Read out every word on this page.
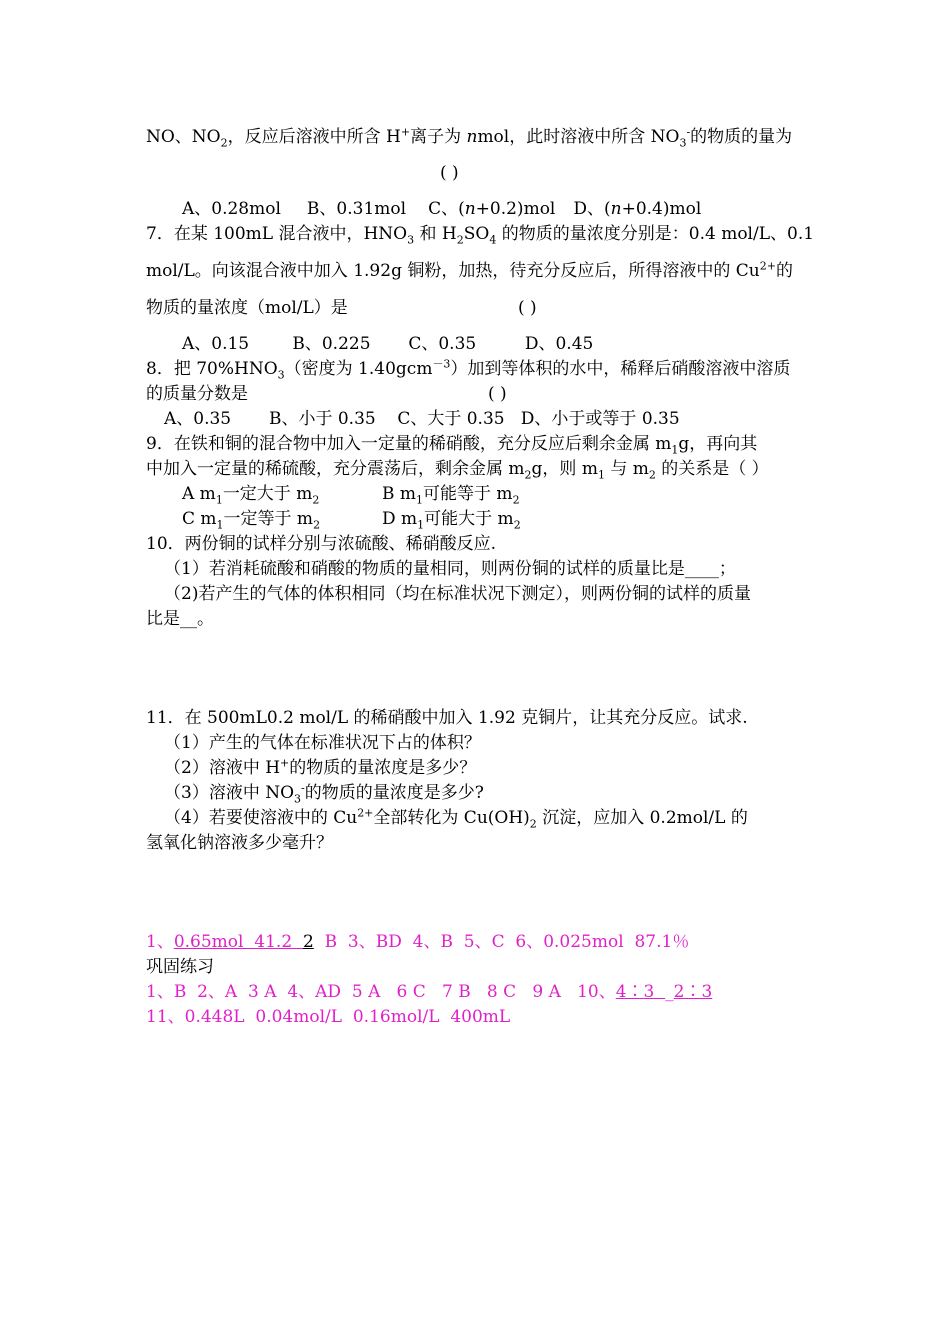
NO、$NO_2$，反应后溶液中所含 H+离子为 nmol，此时溶液中所含 $NO_3^-$的物质的量为
( )
A、0.28mol B、0.31mol C、(n+0.2)mol D、(n+0.4)mol
7．在某 100mL 混合液中，$HNO_3$ 和 $H_2SO_4$ 的物质的量浓度分别是：0.4 mol/L、0.1
mol/L。向该混合液中加入 1.92g 铜粉，加热，待充分反应后，所得溶液中的 $Cu^{2+}$的
物质的量浓度（mol/L）是	( )
A、0.15        B、0.225       C、0.35         D、0.45
8．把 $70\%HNO_3$（密度为 1.40gcm$^{-3}$）加到等体积的水中，稀释后硝酸溶液中溶质
的质量分数是	( )
A、0.35       B、小于 0.35    C、大于 0.35   D、小于或等于 0.35
9．在铁和铜的混合物中加入一定量的稀硝酸，充分反应后剩余金属 $m_1g$，再向其
中加入一定量的稀硫酸，充分震荡后，剩余金属 $m_2g$，则 $m_1$ 与 $m_2$ 的关系是（ ）
A $m_1$一定大于 $m_2$	B $m_1$可能等于 $m_2$
C $m_1$一定等于 $m_2$	D $m_1$可能大于 $m_2$
10．两份铜的试样分别与浓硫酸、稀硝酸反应.
（1）若消耗硫酸和硝酸的物质的量相同，则两份铜的试样的质量比是____；
（2)若产生的气体的体积相同（均在标准状况下测定），则两份铜的试样的质量
比是__。
11．在 500mL0.2 mol/L 的稀硝酸中加入 1.92 克铜片，让其充分反应。试求.
（1）产生的气体在标准状况下占的体积？
（2）溶液中 H+的物质的量浓度是多少？
（3）溶液中 $NO_3^-$的物质的量浓度是多少?
（4）若要使溶液中的 $Cu^{2+}$全部转化为 $Cu(OH)_2$ 沉淀，应加入 0.2mol/L 的
氢氧化钠溶液多少毫升？
1、0.65mol  41.2  2  B  3、BD  4、B  5、C  6、0.025mol  87.1％
巩固练习
1、B  2、A  3 A  4、AD  5 A   6 C   7 B   8 C   9 A   10、4∶3  _2∶3
11、0.448L  0.04mol/L  0.16mol/L  400mL
